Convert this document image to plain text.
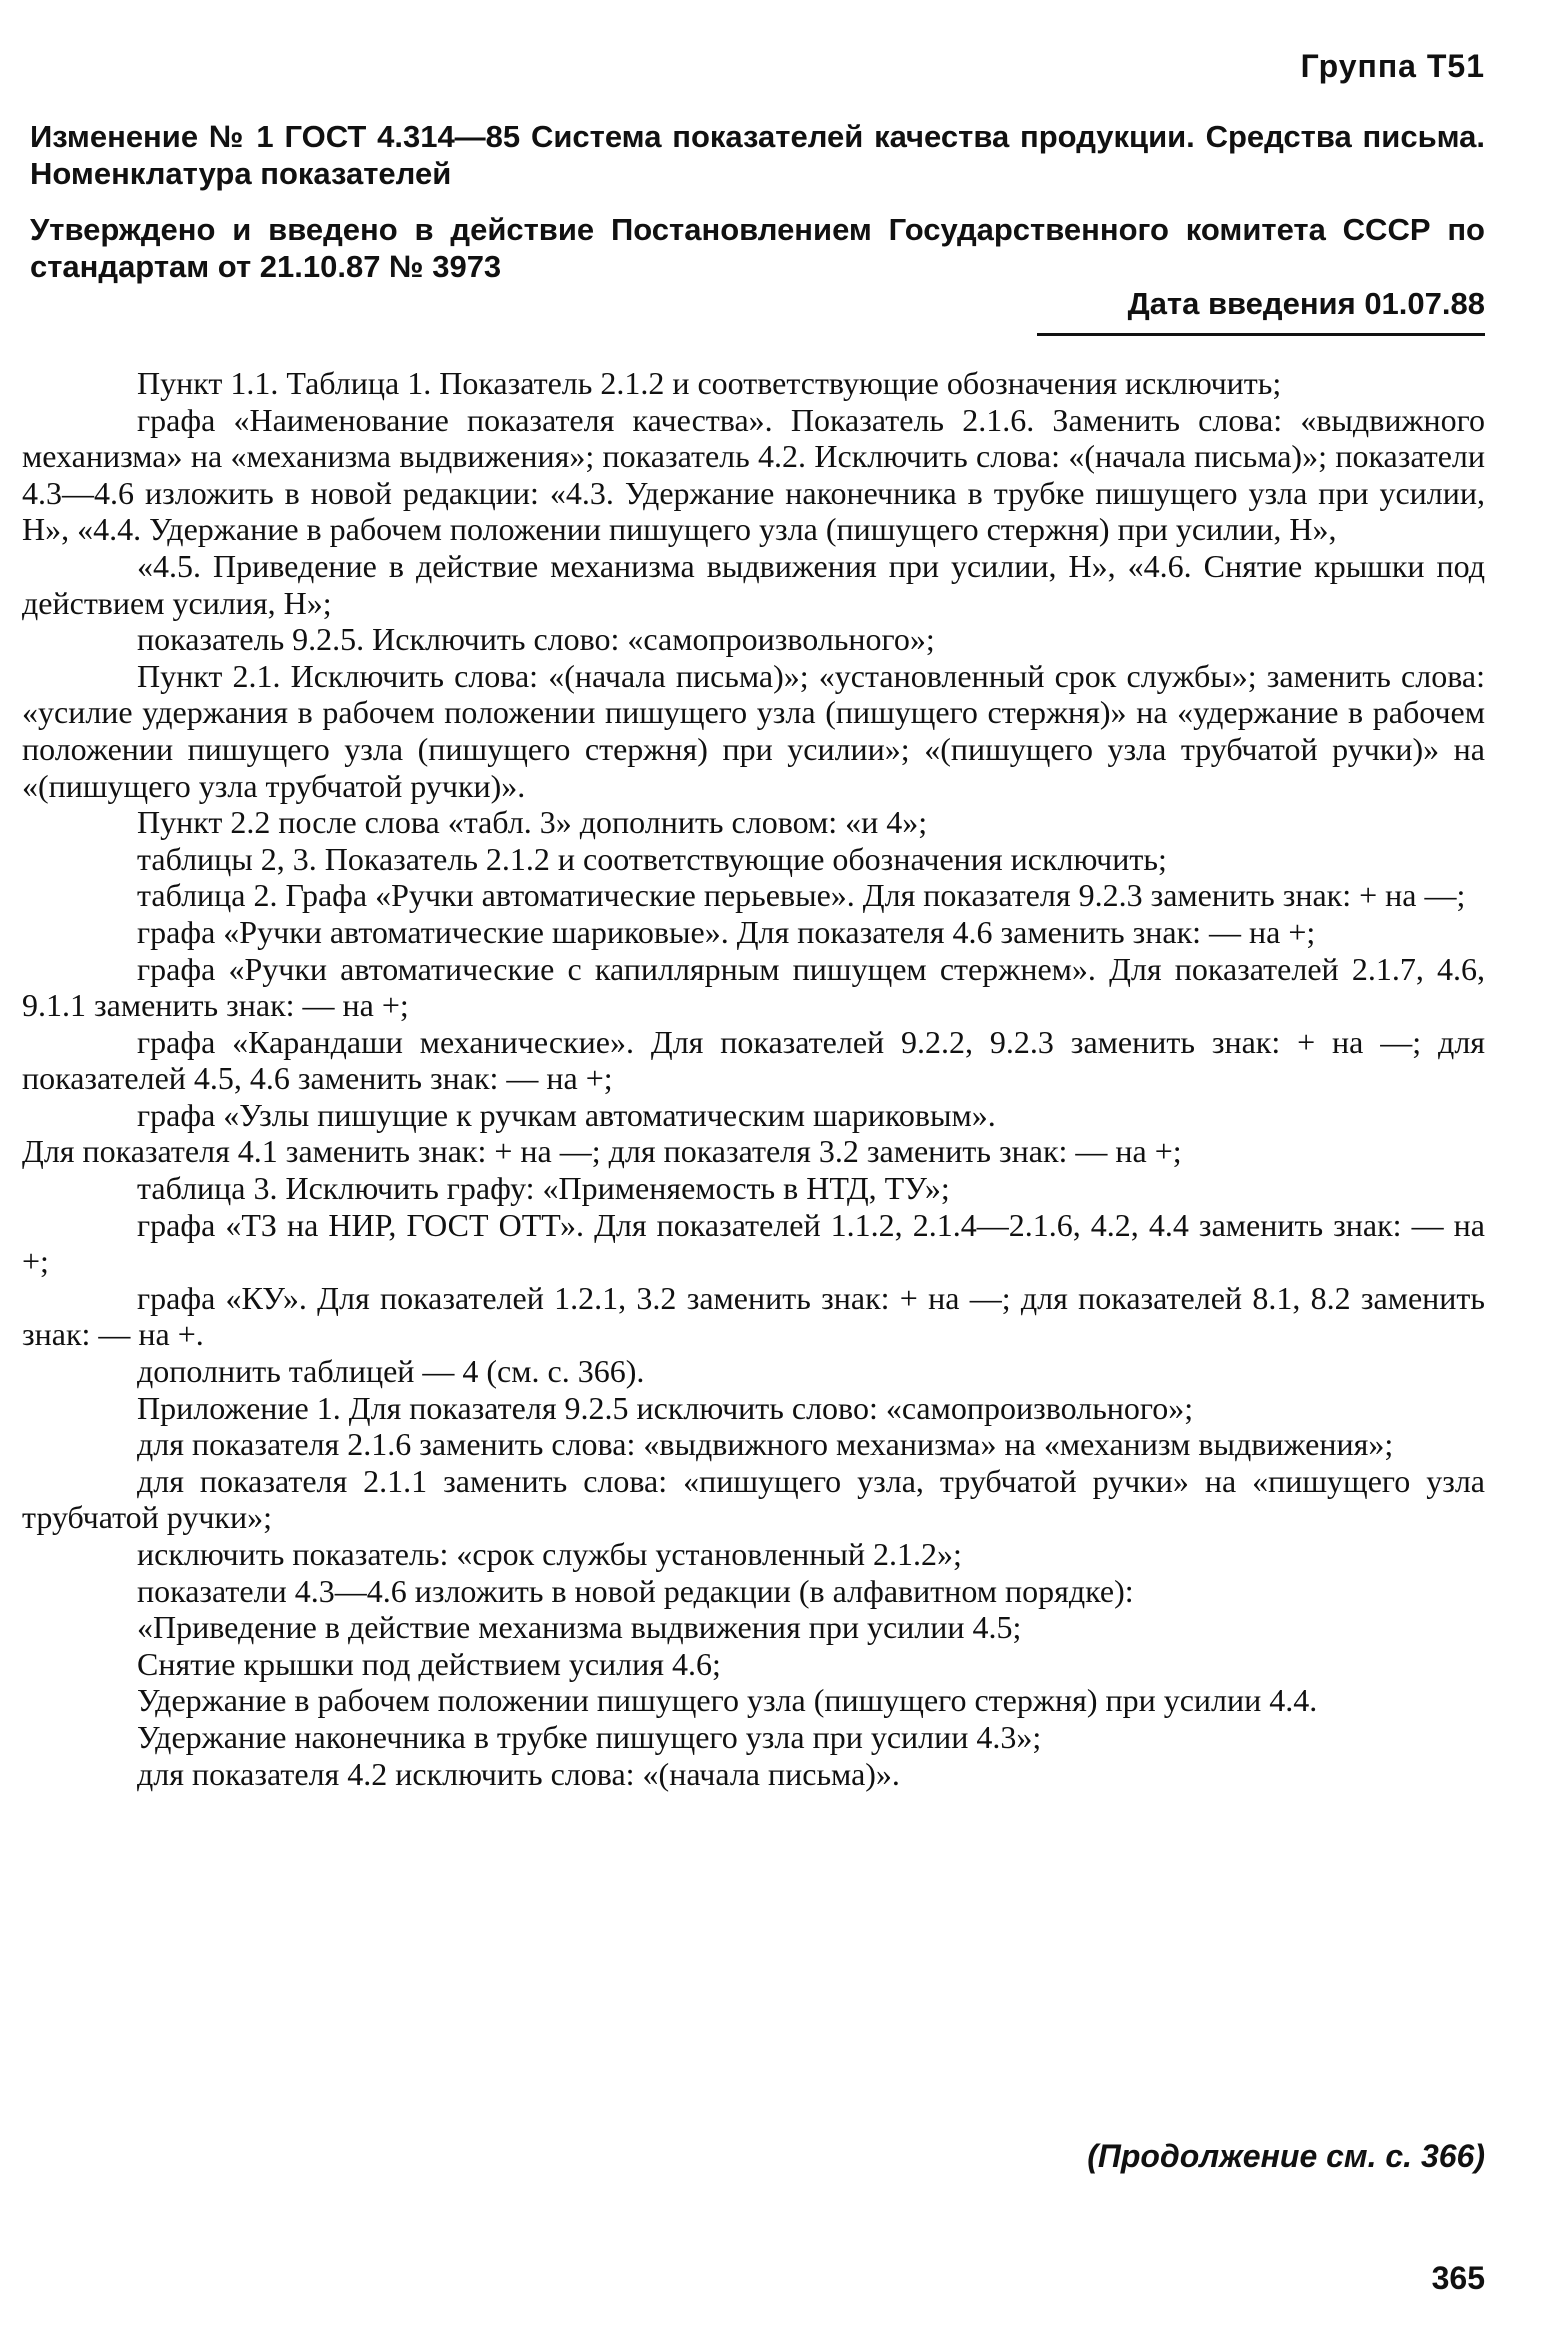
Группа Т51

Изменение № 1 ГОСТ 4.314—85 Система показателей качества продукции. Средства письма. Номенклатура показателей

Утверждено и введено в действие Постановлением Государственного комитета СССР по стандартам от 21.10.87 № 3973

Дата введения 01.07.88

Пункт 1.1. Таблица 1. Показатель 2.1.2 и соответствующие обозначения исключить;

графа «Наименование показателя качества». Показатель 2.1.6. Заменить слова: «выдвижного механизма» на «механизма выдвижения»; показатель 4.2. Исключить слова: «(начала письма)»; показатели 4.3—4.6 изложить в новой редакции: «4.3. Удержание наконечника в трубке пишущего узла при усилии, Н», «4.4. Удержание в рабочем положении пишущего узла (пишущего стержня) при усилии, Н»,

«4.5. Приведение в действие механизма выдвижения при усилии, Н», «4.6. Снятие крышки под действием усилия, Н»;

показатель 9.2.5. Исключить слово: «самопроизвольного»;

Пункт 2.1. Исключить слова: «(начала письма)»; «установленный срок службы»; заменить слова: «усилие удержания в рабочем положении пишущего узла (пишущего стержня)» на «удержание в рабочем положении пишущего узла (пишущего стержня) при усилии»; «(пишущего узла трубчатой ручки)» на «(пишущего узла трубчатой ручки)».

Пункт 2.2 после слова «табл. 3» дополнить словом: «и 4»;

таблицы 2, 3. Показатель 2.1.2 и соответствующие обозначения исключить;

таблица 2. Графа «Ручки автоматические перьевые». Для показателя 9.2.3 заменить знак: + на —;

графа «Ручки автоматические шариковые». Для показателя 4.6 заменить знак: — на +;

графа «Ручки автоматические с капиллярным пишущем стержнем». Для показателей 2.1.7, 4.6, 9.1.1 заменить знак: — на +;

графа «Карандаши механические». Для показателей 9.2.2, 9.2.3 заменить знак: + на —; для показателей 4.5, 4.6 заменить знак: — на +;

графа «Узлы пишущие к ручкам автоматическим шариковым».

Для показателя 4.1 заменить знак: + на —; для показателя 3.2 заменить знак: — на +;

таблица 3. Исключить графу: «Применяемость в НТД, ТУ»;

графа «ТЗ на НИР, ГОСТ ОТТ». Для показателей 1.1.2, 2.1.4—2.1.6, 4.2, 4.4 заменить знак: — на +;

графа «КУ». Для показателей 1.2.1, 3.2 заменить знак: + на —; для показателей 8.1, 8.2 заменить знак: — на +.

дополнить таблицей — 4 (см. с. 366).

Приложение 1. Для показателя 9.2.5 исключить слово: «самопроизвольного»;

для показателя 2.1.6 заменить слова: «выдвижного механизма» на «механизм выдвижения»;

для показателя 2.1.1 заменить слова: «пишущего узла, трубчатой ручки» на «пишущего узла трубчатой ручки»;

исключить показатель: «срок службы установленный 2.1.2»;

показатели 4.3—4.6 изложить в новой редакции (в алфавитном порядке):

«Приведение в действие механизма выдвижения при усилии 4.5;

Снятие крышки под действием усилия 4.6;

Удержание в рабочем положении пишущего узла (пишущего стержня) при усилии 4.4.

Удержание наконечника в трубке пишущего узла при усилии 4.3»;

для показателя 4.2 исключить слова: «(начала письма)».

(Продолжение см. с. 366)
365
